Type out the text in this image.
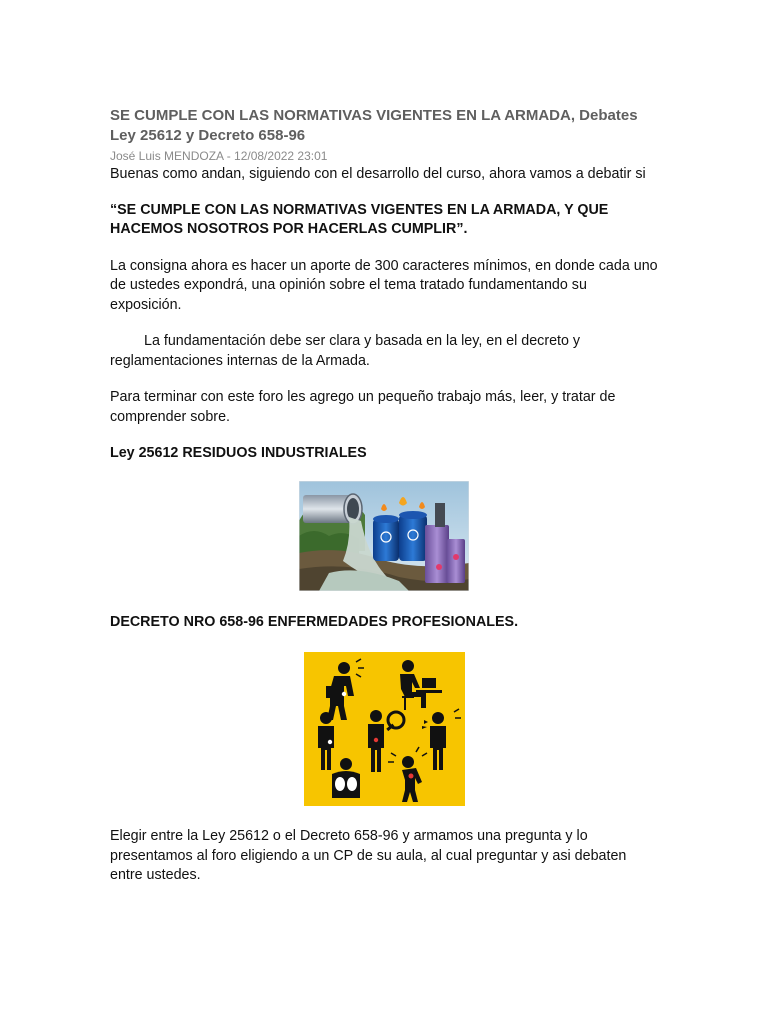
SE CUMPLE CON LAS NORMATIVAS VIGENTES EN LA ARMADA, Debates Ley 25612 y Decreto 658-96
José Luis MENDOZA - 12/08/2022 23:01

Buenas como andan, siguiendo con el desarrollo del curso, ahora vamos a debatir si

“SE CUMPLE CON LAS NORMATIVAS VIGENTES EN LA ARMADA, Y QUE HACEMOS NOSOTROS POR HACERLAS CUMPLIR”.

La consigna ahora es hacer un aporte de 300 caracteres mínimos, en donde cada uno de ustedes expondrá, una opinión sobre el tema tratado fundamentando su exposición.

La fundamentación debe ser clara y basada en la ley, en el decreto y reglamentaciones internas de la Armada.

Para terminar con este foro les agrego un pequeño trabajo más, leer, y tratar de comprender sobre.

Ley 25612 RESIDUOS INDUSTRIALES

DECRETO NRO 658-96 ENFERMEDADES PROFESIONALES.

Elegir entre la Ley 25612 o el Decreto 658-96 y armamos una pregunta y lo presentamos al foro eligiendo a un CP de su aula, al cual preguntar y asi debaten entre ustedes.
